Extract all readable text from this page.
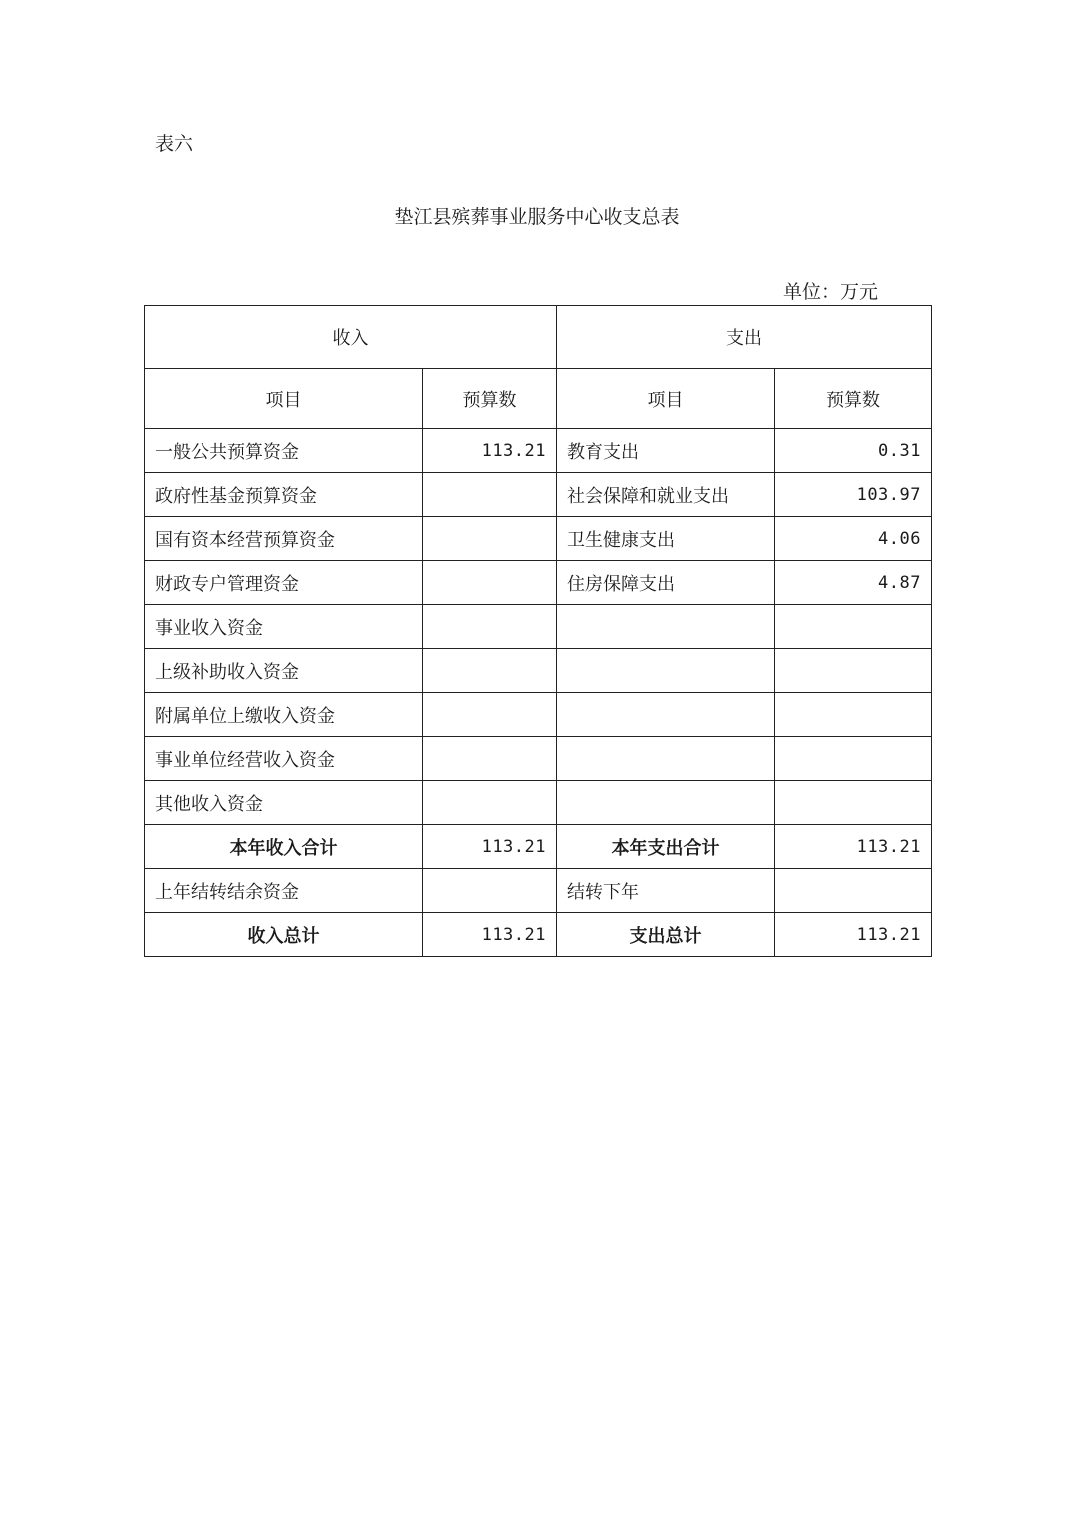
表六
垫江县殡葬事业服务中心收支总表
单位：万元
收入		支出	
项目	预算数	项目	预算数
一般公共预算资金	113.21	教育支出	0.31
政府性基金预算资金		社会保障和就业支出	103.97
国有资本经营预算资金		卫生健康支出	4.06
财政专户管理资金		住房保障支出	4.87
事业收入资金			
上级补助收入资金			
附属单位上缴收入资金			
事业单位经营收入资金			
其他收入资金			
本年收入合计	113.21	本年支出合计	113.21
上年结转结余资金		结转下年	
收入总计	113.21	支出总计	113.21
